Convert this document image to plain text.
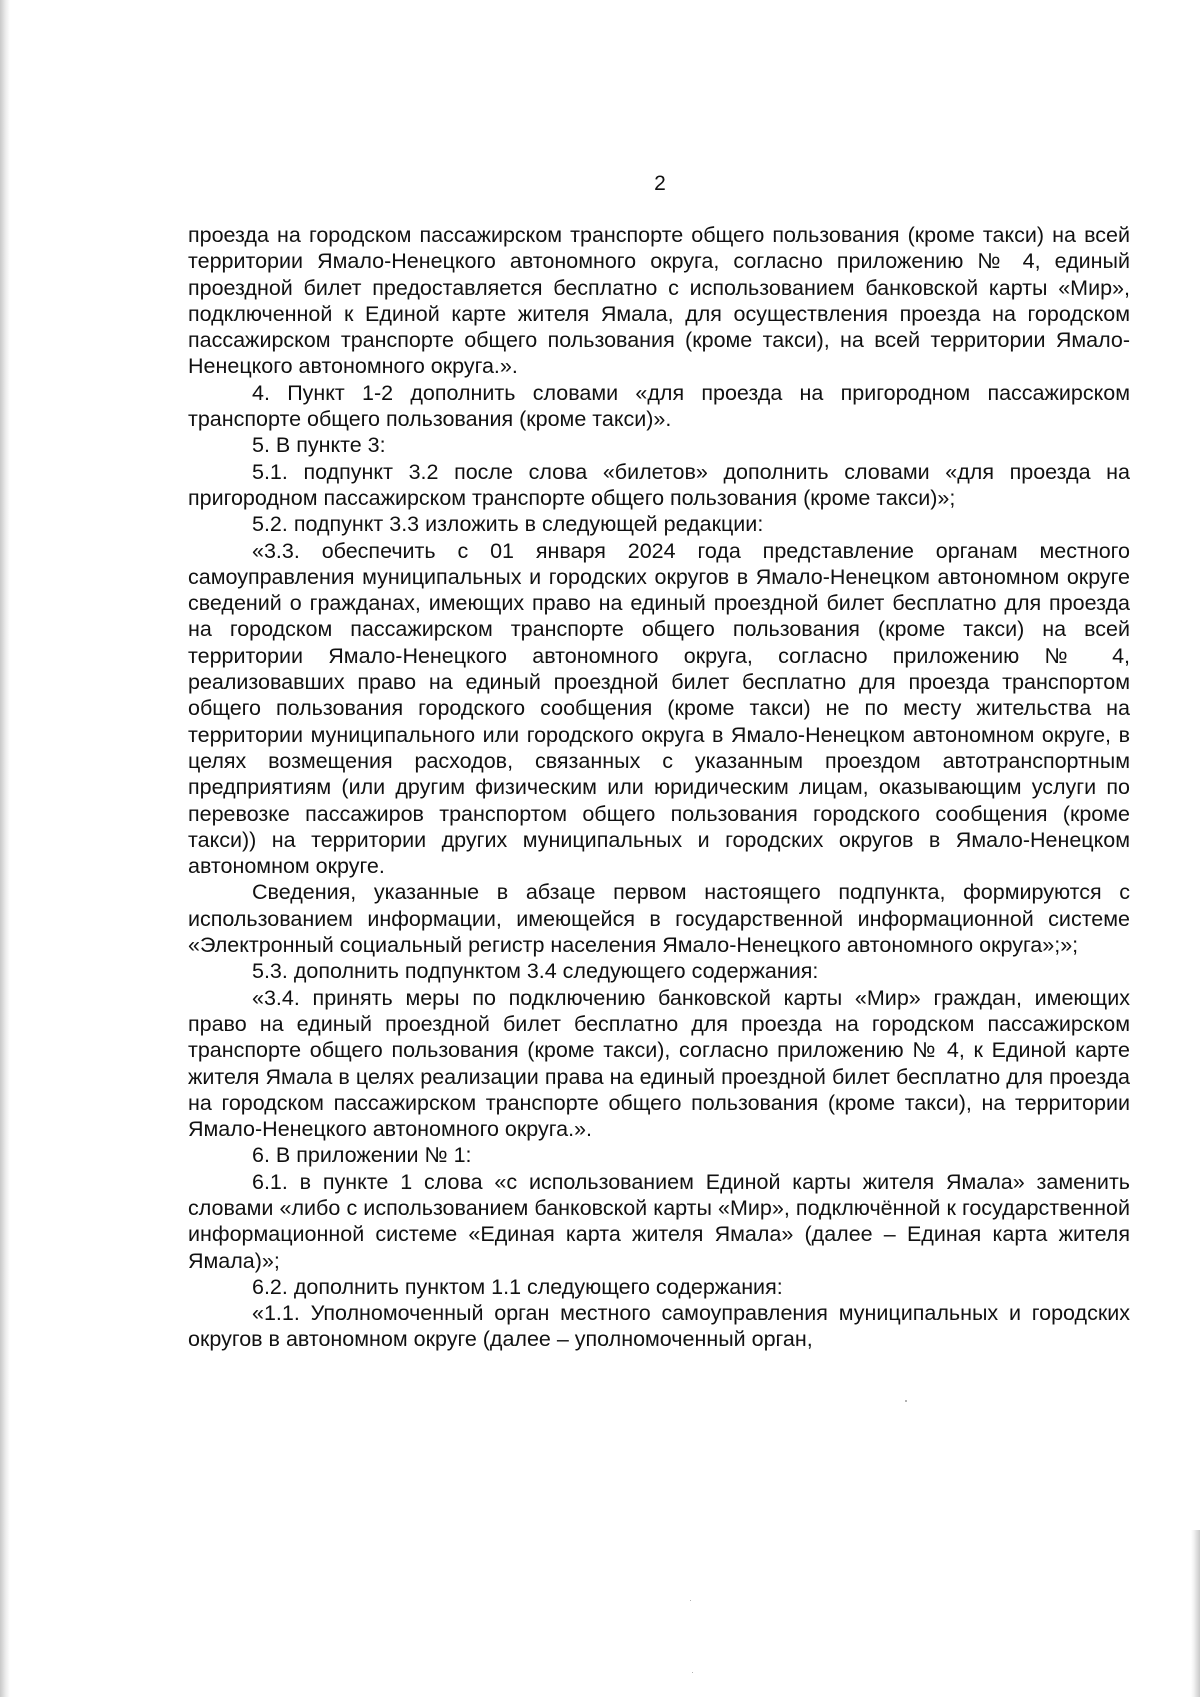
2

проезда на городском пассажирском транспорте общего пользования (кроме такси) на всей территории Ямало-Ненецкого автономного округа, согласно приложению № 4, единый проездной билет предоставляется бесплатно с использованием банковской карты «Мир», подключенной к Единой карте жителя Ямала, для осуществления проезда на городском пассажирском транспорте общего пользования (кроме такси), на всей территории Ямало-Ненецкого автономного округа.».

4. Пункт 1-2 дополнить словами «для проезда на пригородном пассажирском транспорте общего пользования (кроме такси)».

5. В пункте 3:

5.1. подпункт 3.2 после слова «билетов» дополнить словами «для проезда на пригородном пассажирском транспорте общего пользования (кроме такси)»;

5.2. подпункт 3.3 изложить в следующей редакции:

«3.3. обеспечить с 01 января 2024 года представление органам местного самоуправления муниципальных и городских округов в Ямало-Ненецком автономном округе сведений о гражданах, имеющих право на единый проездной билет бесплатно для проезда на городском пассажирском транспорте общего пользования (кроме такси) на всей территории Ямало-Ненецкого автономного округа, согласно приложению № 4, реализовавших право на единый проездной билет бесплатно для проезда транспортом общего пользования городского сообщения (кроме такси) не по месту жительства на территории муниципального или городского округа в Ямало-Ненецком автономном округе, в целях возмещения расходов, связанных с указанным проездом автотранспортным предприятиям (или другим физическим или юридическим лицам, оказывающим услуги по перевозке пассажиров транспортом общего пользования городского сообщения (кроме такси)) на территории других муниципальных и городских округов в Ямало-Ненецком автономном округе.

Сведения, указанные в абзаце первом настоящего подпункта, формируются с использованием информации, имеющейся в государственной информационной системе «Электронный социальный регистр населения Ямало-Ненецкого автономного округа»;»;

5.3. дополнить подпунктом 3.4 следующего содержания:

«3.4. принять меры по подключению банковской карты «Мир» граждан, имеющих право на единый проездной билет бесплатно для проезда на городском пассажирском транспорте общего пользования (кроме такси), согласно приложению № 4, к Единой карте жителя Ямала в целях реализации права на единый проездной билет бесплатно для проезда на городском пассажирском транспорте общего пользования (кроме такси), на территории Ямало-Ненецкого автономного округа.».

6. В приложении № 1:

6.1. в пункте 1 слова «с использованием Единой карты жителя Ямала» заменить словами «либо с использованием банковской карты «Мир», подключённой к государственной информационной системе «Единая карта жителя Ямала» (далее – Единая карта жителя Ямала)»;

6.2. дополнить пунктом 1.1 следующего содержания:

«1.1. Уполномоченный орган местного самоуправления муниципальных и городских округов в автономном округе (далее – уполномоченный орган,
